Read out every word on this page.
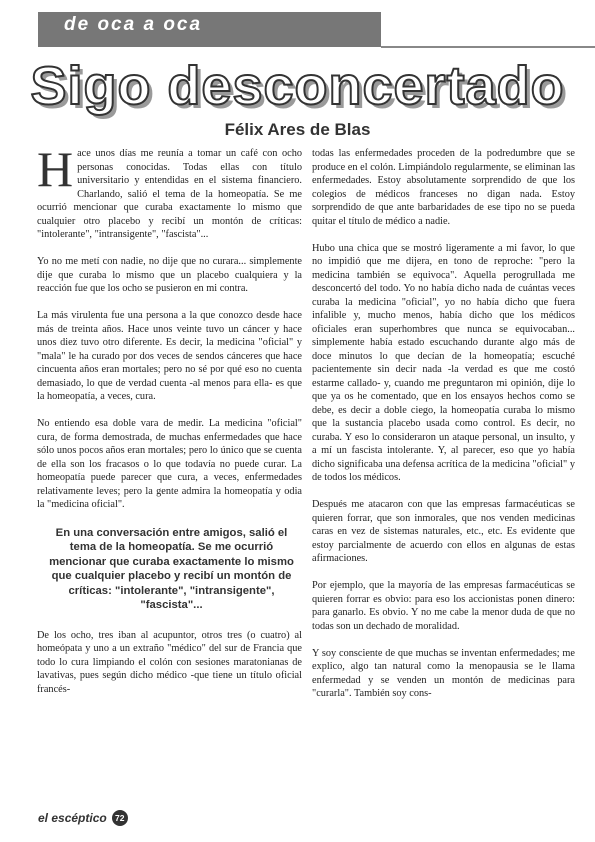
de oca a oca
Sigo desconcertado
Félix Ares de Blas

Hace unos días me reunía a tomar un café con ocho personas conocidas. Todas ellas con título universitario y entendidas en el sistema financiero. Charlando, salió el tema de la homeopatía. Se me ocurrió mencionar que curaba exactamente lo mismo que cualquier otro placebo y recibí un montón de críticas: "intolerante", "intransigente", "fascista"...

Yo no me metí con nadie, no dije que no curara... simplemente dije que curaba lo mismo que un placebo cualquiera y la reacción fue que los ocho se pusieron en mi contra.

La más virulenta fue una persona a la que conozco desde hace más de treinta años. Hace unos veinte tuvo un cáncer y hace unos diez tuvo otro diferente. Es decir, la medicina "oficial" y "mala" le ha curado por dos veces de sendos cánceres que hace cincuenta años eran mortales; pero no sé por qué eso no cuenta demasiado, lo que de verdad cuenta -al menos para ella- es que la homeopatía, a veces, cura.

No entiendo esa doble vara de medir. La medicina "oficial" cura, de forma demostrada, de muchas enfermedades que hace sólo unos pocos años eran mortales; pero lo único que se cuenta de ella son los fracasos o lo que todavía no puede curar. La homeopatía puede parecer que cura, a veces, enfermedades relativamente leves; pero la gente admira la homeopatía y odia la "medicina oficial".

En una conversación entre amigos, salió el tema de la homeopatía. Se me ocurrió mencionar que curaba exactamente lo mismo que cualquier placebo y recibí un montón de críticas: "intolerante", "intransigente", "fascista"...

De los ocho, tres iban al acupuntor, otros tres (o cuatro) al homeópata y uno a un extraño "médico" del sur de Francia que todo lo cura limpiando el colón con sesiones maratonianas de lavativas, pues según dicho médico -que tiene un título oficial francés-

todas las enfermedades proceden de la podredumbre que se produce en el colón. Limpiándolo regularmente, se eliminan las enfermedades. Estoy absolutamente sorprendido de que los colegios de médicos franceses no digan nada. Estoy sorprendido de que ante barbaridades de ese tipo no se pueda quitar el título de médico a nadie.

Hubo una chica que se mostró ligeramente a mi favor, lo que no impidió que me dijera, en tono de reproche: "pero la medicina también se equivoca". Aquella perogrullada me desconcertó del todo. Yo no había dicho nada de cuántas veces curaba la medicina "oficial", yo no había dicho que fuera infalible y, mucho menos, había dicho que los médicos oficiales eran superhombres que nunca se equivocaban... simplemente había estado escuchando durante algo más de doce minutos lo que decían de la homeopatía; escuché pacientemente sin decir nada -la verdad es que me costó estarme callado- y, cuando me preguntaron mi opinión, dije lo que ya os he comentado, que en los ensayos hechos como se debe, es decir a doble ciego, la homeopatía curaba lo mismo que la sustancia placebo usada como control. Es decir, no curaba. Y eso lo consideraron un ataque personal, un insulto, y a mí un fascista intolerante. Y, al parecer, eso que yo había dicho significaba una defensa acrítica de la medicina "oficial" y de todos los médicos.

Después me atacaron con que las empresas farmacéuticas se quieren forrar, que son inmorales, que nos venden medicinas caras en vez de sistemas naturales, etc., etc. Es evidente que estoy parcialmente de acuerdo con ellos en algunas de estas afirmaciones.

Por ejemplo, que la mayoría de las empresas farmacéuticas se quieren forrar es obvio: para eso los accionistas ponen dinero: para ganarlo. Es obvio. Y no me cabe la menor duda de que no todas son un dechado de moralidad.

Y soy consciente de que muchas se inventan enfermedades; me explico, algo tan natural como la menopausia se le llama enfermedad y se venden un montón de medicinas para "curarla". También soy cons-

el escéptico 72
